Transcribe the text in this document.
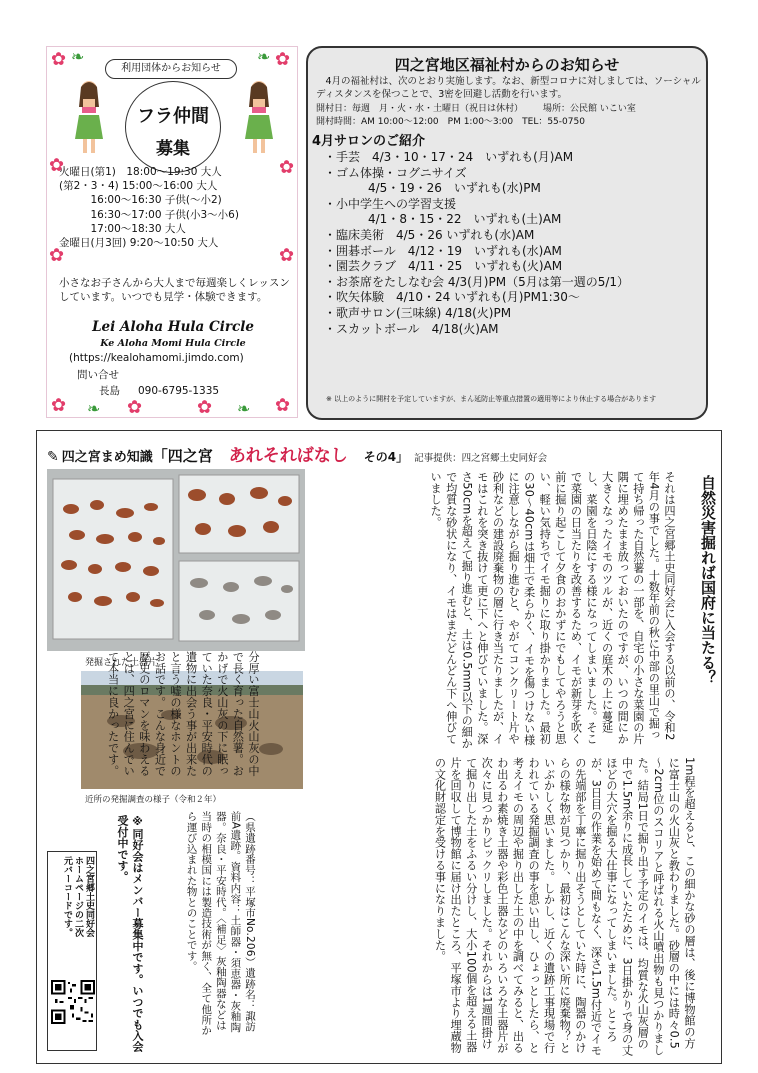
✿ ❧	✿
❧
✿	✿
✿	✿
✿ ❧ ✿	✿ ❧ ✿
利用団体からお知らせ
フラ仲間
募集
火曜日(第1)　18:00～19:30 大人
(第2・3・4) 15:00～16:00 大人
　　　16:00～16:30 子供(～小2)
　　　16:30～17:00 子供(小3～小6)
　　　17:00～18:30 大人
金曜日(月3回) 9:20～10:50 大人
小さなお子さんから大人まで毎週楽しくレッスンしています。いつでも見学・体験できます。
Lei Aloha Hula Circle
Ke Aloha Momi Hula Circle
(https://kealohamomi.jimdo.com)
問い合せ
長島 090-6795-1335
四之宮地区福祉村からのお知らせ
4月の福祉村は、次のとおり実施します。なお、新型コロナに対しましては、ソーシャルディスタンスを保つことで、3密を回避し活動を行います。
開村日：毎週　月・火・水・土曜日（祝日は休村） 場所：公民館 いこい室
開村時間：AM 10:00～12:00　PM 1:00～3:00　TEL：55-0750
4月サロンのご紹介
・手芸　4/3・10・17・24　いずれも(月)AM
・ゴム体操・コグニサイズ
4/5・19・26　いずれも(水)PM
・小中学生への学習支援
4/1・8・15・22　いずれも(土)AM
・臨床美術　4/5・26 いずれも(水)AM
・囲碁ボール　4/12・19　いずれも(水)AM
・園芸クラブ　4/11・25　いずれも(火)AM
・お茶席をたしなむ会 4/3(月)PM（5月は第一週の5/1）
・吹矢体験　4/10・24 いずれも(月)PM1:30～
・歌声サロン(三味線) 4/18(火)PM
・スカットボール　4/18(火)AM
※ 以上のように開村を予定していますが、まん延防止等重点措置の適用等により休止する場合があります
✎ 四之宮まめ知識「四之宮　 あれそればなし　 その4」 記事提供：四之宮郷土史同好会
発掘された土器片
近所の発掘調査の様子（令和２年）
自然災害掘れば国府に当たる？
それは四之宮郷土史同好会に入会する以前の、令和2年4月の事でした。十数年前の秋に中部の里山で掘って持ち帰った自然薯の一部を、自宅の小さな菜園の片隅に埋めたまま放っておいたのですが、いつの間にか大きくなったイモのツルが、近くの庭木の上に蔓延し、菜園を日陰にする様になってしまいました。そこで菜園の日当たりを改善するため、イモが新芽を吹く前に掘り起こして夕食のおかずにでもしてやろうと思い、軽い気持ちでイモ掘りに取り掛かりました。最初の30～40cmは畑土で柔らかく、イモを傷つけない様に注意しながら掘り進むと、やがてコンクリート片や砂利などの建設廃棄物の層に行き当たりましたが、イモはこれを突き抜けて更に下へと伸びていました。深さ50cmを超えて掘り進むと、土は0.5mm以下の細かで均質な砂状になり、イモはまだどんどん下へ伸びていました。
1m程を超えると、この細かな砂の層は、後に博物館の方に富士山の火山灰と教わりました。砂層の中には時々0.5～2cm位のスコリアと呼ばれる火山噴出物も見つかりました。結局1日で掘り出す予定のイモは、均質な火山灰層の中で1.5m余りに成長していたために、3日掛かりで身の丈ほどの大穴を掘る大仕事になってしまいました。ところが、3日目の作業を始めて間もなく、深さ1.5m付近でイモの先端部を丁寧に掘り出そうとしていた時に、陶器のかけらの様な物が見つかり、最初はこんな深い所に廃棄物？といぶかしく思いました。しかし、近くの遺跡工事現場で行われている発掘調査の事を思い出し、ひょっとしたら、と考えイモの周辺や掘り出した土の中を調べてみると、出るわ出るわ素焼き土器や彩色土器などのいろいろな土器片が次々に見つかりビックリしました。それからは1週間掛けて掘り出した土をふるい分けし、大小100個を超える土器片を回収して博物館に届け出たところ、平塚市より埋蔵物の文化財認定を受ける事になりました。
分厚い富士山火山灰の中で長く育った自然薯。おかげで火山灰の下に眠っていた奈良・平安時代の遺物に出会う事が出来たと言う嘘の様なホントのお話です。こんな身近で歴史のロマンを味わえるとは、四之宮に住んでいて本当に良かったです。
（県遺跡番号：平塚市No.206）遺跡名：諏訪前A遺跡。資料内容：土師器・須恵器・灰釉陶器。奈良・平安時代。〈補足〉灰釉陶器などは当時の相模国には製造技術が無く、全て他所から運び込まれた物とのことです。
※同好会はメンバー募集中です。いつでも入会受付中です。
四之宮郷土史同好会ホームページの二次元バーコードです。
